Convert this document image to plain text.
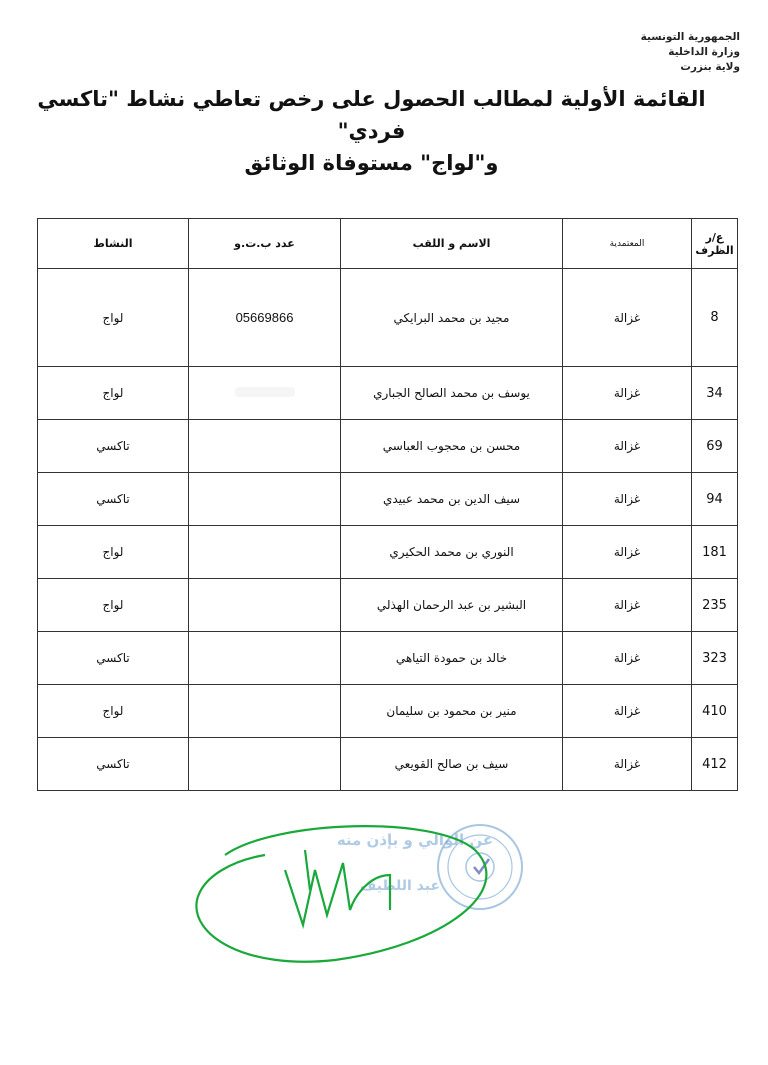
الجمهورية التونسية
وزارة الداخلية
ولاية بنزرت
القائمة الأولية لمطالب الحصول على رخص تعاطي نشاط "تاكسي فردي"
و"لواج" مستوفاة الوثائق
ع/ر الظرف	المعتمدية	الاسم و اللقب	عدد ب.ت.و	النشاط
8	غزالة	مجيد بن محمد البرايكي	05669866	لواج
34	غزالة	يوسف بن محمد الصالح الجباري		لواج
69	غزالة	محسن بن محجوب العباسي		تاكسي
94	غزالة	سيف الدين بن محمد عبيدي		تاكسي
181	غزالة	النوري بن محمد الحكيري		لواج
235	غزالة	البشير بن عبد الرحمان الهذلي		لواج
323	غزالة	خالد بن حمودة التياهي		تاكسي
410	غزالة	منير بن محمود بن سليمان		لواج
412	غزالة	سيف بن صالح القويعي		تاكسي
عن الوالي و بإذن منه
عبد اللطيف
